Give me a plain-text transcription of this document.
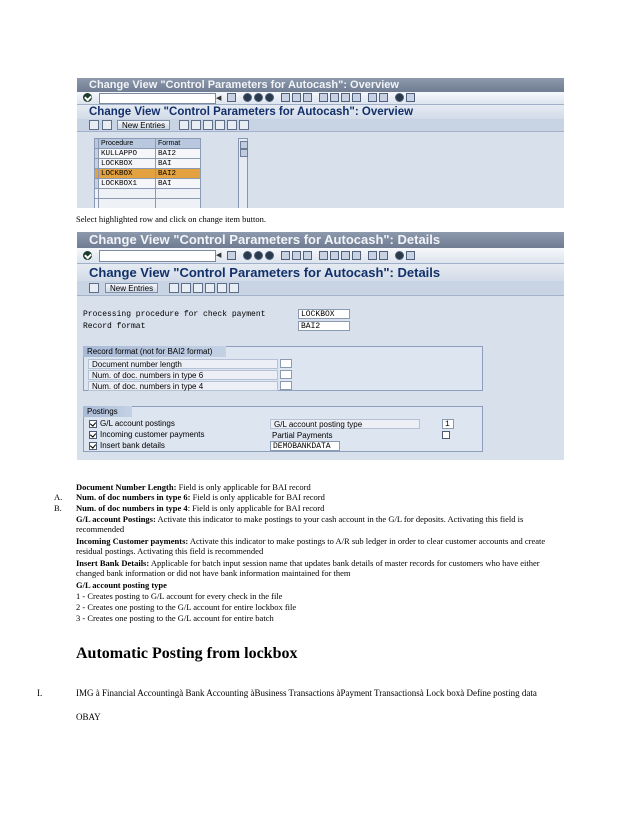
Change View "Control Parameters for Autocash": Overview
◀
Change View "Control Parameters for Autocash": Overview
New Entries
	Procedure	Format
	KULLAPPO	BAI2
	LOCKBOX	BAI
	LOCKBOX	BAI2
	LOCKBOX1	BAI

Select highlighted row and click on change item button.
Change View "Control Parameters for Autocash": Details
◀
Change View "Control Parameters for Autocash": Details
New Entries
Processing procedure for check payment	LOCKBOX
Record format	BAI2
Record format (not for BAI2 format)
Document number length
Num. of doc. numbers in type 6
Num. of doc. numbers in type 4
Postings
G/L account postings
Incoming customer payments
Insert bank details
G/L account posting type	1
Partial Payments
DEMOBANKDATA
Document Number Length: Field is only applicable for BAI record
A. Num. of doc numbers in type 6: Field is only applicable for BAI record
B. Num. of doc numbers in type 4: Field is only applicable for BAI record
G/L account Postings: Activate this indicator to make postings to your cash account in the G/L for deposits. Activating this field is recommended
Incoming Customer payments: Activate this indicator to make postings to A/R sub ledger in order to clear customer accounts and create residual postings. Activating this field is recommended
Insert Bank Details: Applicable for batch input session name that updates bank details of master records for customers who have either changed bank information or did not have bank information maintained for them
G/L account posting type
1 - Creates posting to G/L account for every check in the file
2 - Creates one posting to the G/L account for entire lockbox file
3 - Creates one posting to the G/L account for entire batch
Automatic Posting from lockbox
I.	IMG à Financial Accountingà Bank Accounting àBusiness Transactions àPayment Transactionsà Lock boxà Define posting data
OBAY
